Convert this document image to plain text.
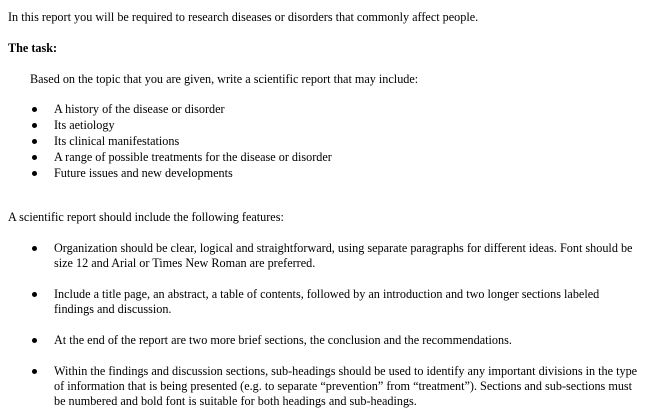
In this report you will be required to research diseases or disorders that commonly affect people.
The task:
Based on the topic that you are given, write a scientific report that may include:
A history of the disease or disorder
Its aetiology
Its clinical manifestations
A range of possible treatments for the disease or disorder
Future issues and new developments
A scientific report should include the following features:
Organization should be clear, logical and straightforward, using separate paragraphs for different ideas. Font should be size 12 and Arial or Times New Roman are preferred.
Include a title page, an abstract, a table of contents, followed by an introduction and two longer sections labeled findings and discussion.
At the end of the report are two more brief sections, the conclusion and the recommendations.
Within the findings and discussion sections, sub-headings should be used to identify any important divisions in the type of information that is being presented (e.g. to separate “prevention” from “treatment”). Sections and sub-sections must be numbered and bold font is suitable for both headings and sub-headings.
